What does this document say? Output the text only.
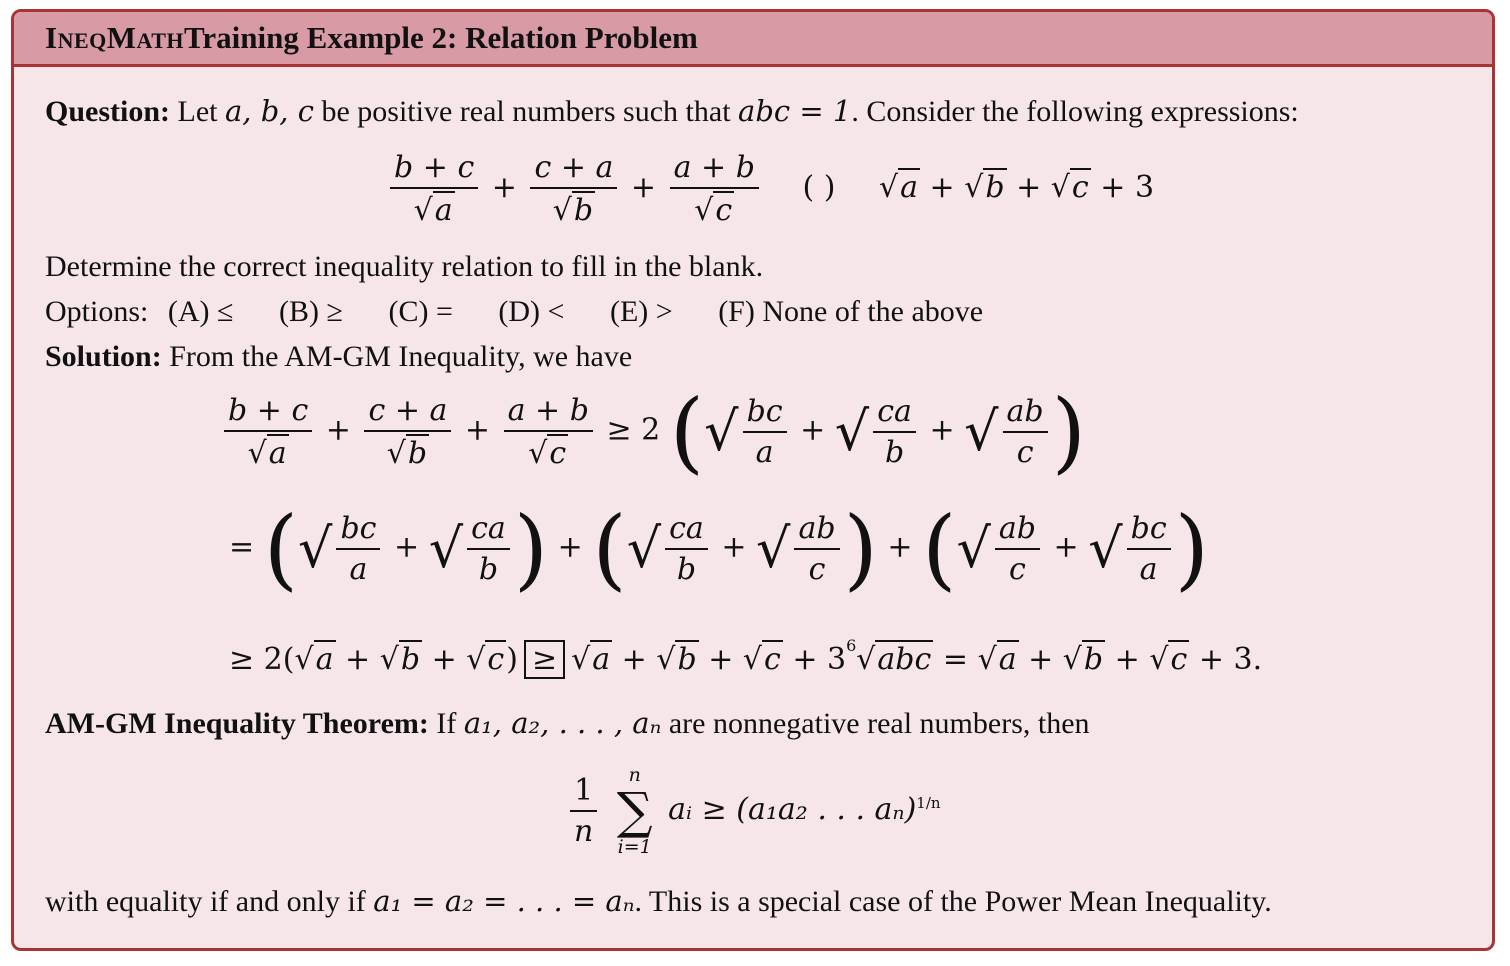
IneqMath Training Example 2: Relation Problem
Question: Let a, b, c be positive real numbers such that abc = 1. Consider the following expressions:
$\frac{b + c}{√ a} + \frac{c + a}{√ b} + \frac{a + b}{√ c}$ ( ) √ a + √ b + √ c + 3
Determine the correct inequality relation to fill in the blank.
Options: (A) ≤ (B) ≥ (C) = (D) < (E) > (F) None of the above
Solution: From the AM-GM Inequality, we have
$\frac{b + c}{√ a} + \frac{c + a}{√ b} + \frac{a + b}{√ c} \ge 2$ (√ $\frac{bc}{a}$ + √ $\frac{ca}{b}$ + √ $\frac{ab}{c}$ )
= (√ $\frac{bc}{a}$ + √ $\frac{ca}{b}$ ) + (√ $\frac{ca}{b}$ + √ $\frac{ab}{c}$ ) + (√ $\frac{ab}{c}$ + √ $\frac{bc}{a}$ )
≥ 2( √ a + √ b + √ c ) ≥ √ a + √ b + √ $c + 3^6$ √ abc = √ a + √ b + √ c + 3.
AM-GM Inequality Theorem: If a₁, a₂, . . . , aₙ are nonnegative real numbers, then
$\frac{1}{n}$
n
∑
i=1
aᵢ ≥ (a₁a₂ . . . aₙ)$^{1/n}$
with equality if and only if a₁ = a₂ = . . . = aₙ. This is a special case of the Power Mean Inequality.
